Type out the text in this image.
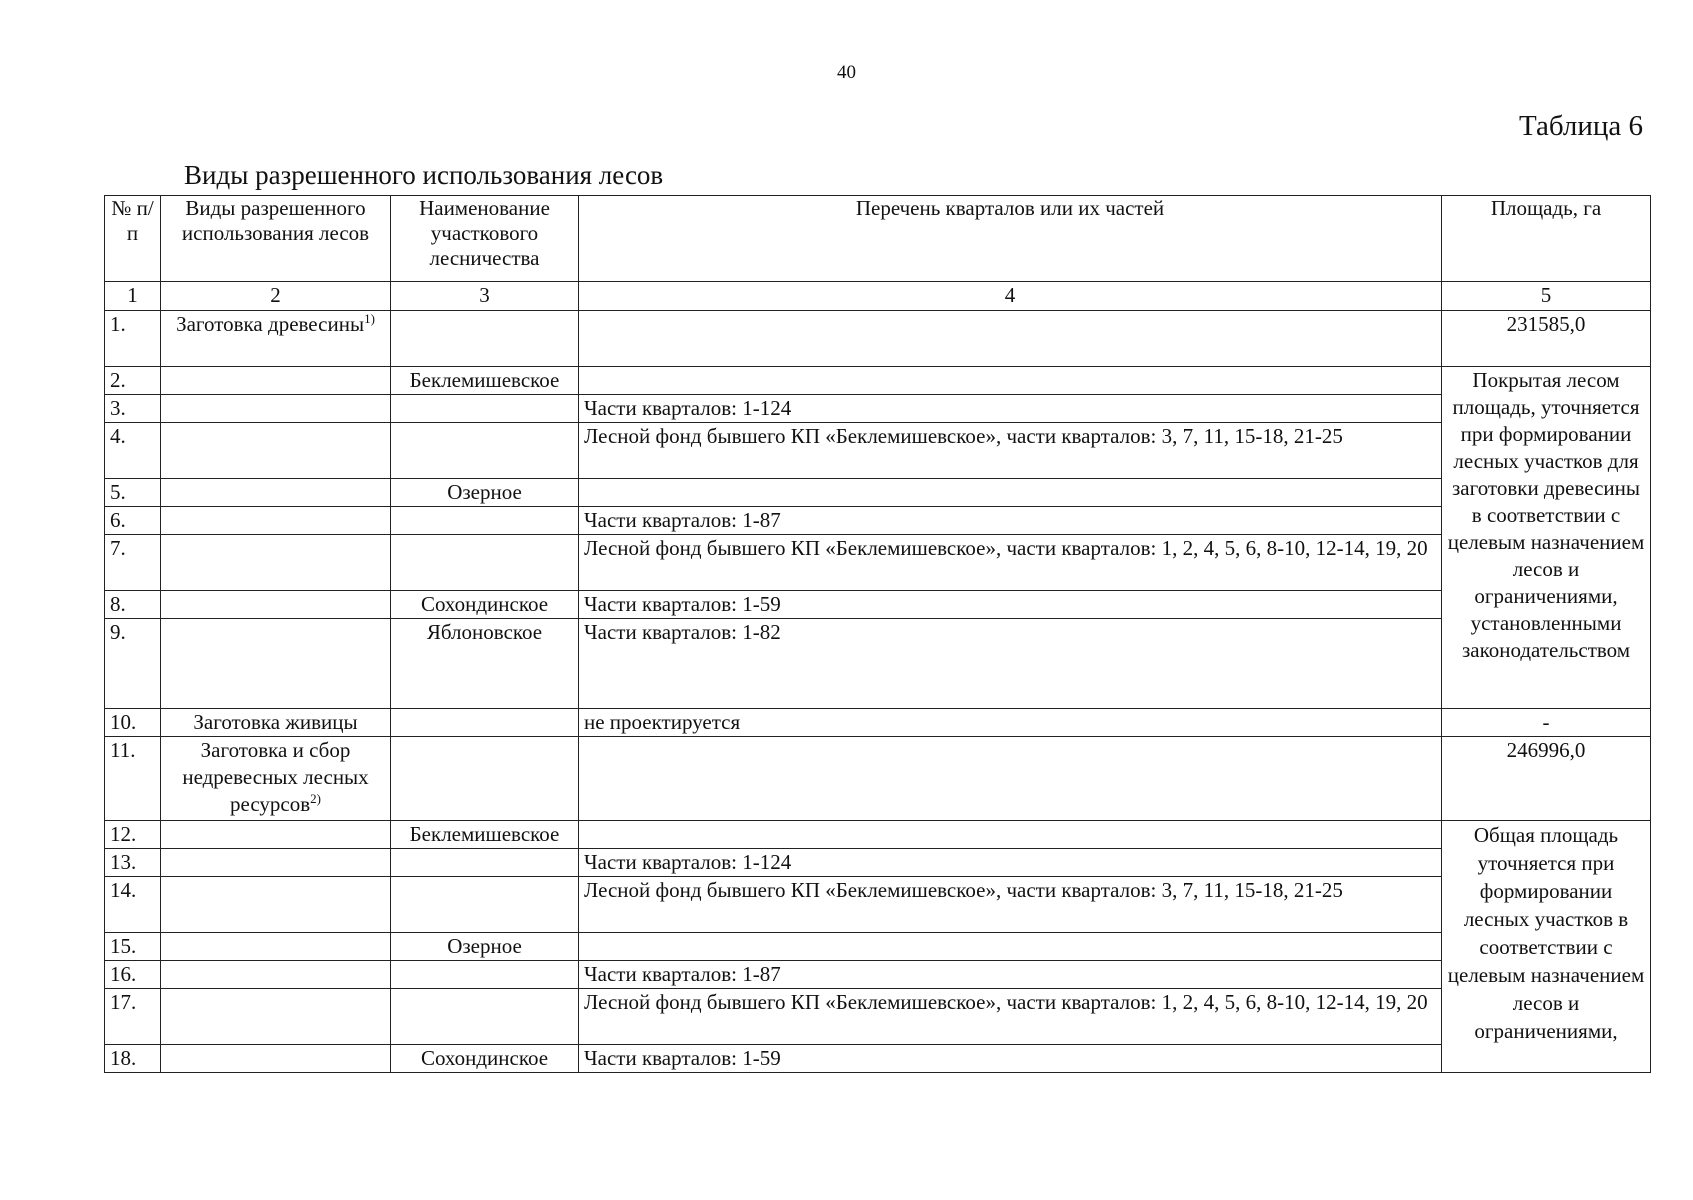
40
Таблица 6
Виды разрешенного использования лесов
№ п/п	Виды разрешенного использования лесов	Наименование участкового лесничества	Перечень кварталов или их частей	Площадь, га
1	2	3	4	5
1.	Заготовка древесины$^{1)}$			231585,0
2.		Беклемишевское		Покрытая лесом площадь, уточняется при формировании лесных участков для заготовки древесины в соответствии с целевым назначением лесов и ограничениями, установленными законодательством
3.			Части кварталов: 1-124	
4.			Лесной фонд бывшего КП «Беклемишевское», части кварталов: 3, 7, 11, 15-18, 21-25	
5.		Озерное		
6.			Части кварталов: 1-87	
7.			Лесной фонд бывшего КП «Беклемишевское», части кварталов: 1, 2, 4, 5, 6, 8-10, 12-14, 19, 20	
8.		Сохондинское	Части кварталов: 1-59	
9.		Яблоновское	Части кварталов: 1-82	
10.	Заготовка живицы		не проектируется	-
11.	Заготовка и сбор недревесных лесных ресурсов$^{2)}$			246996,0
12.		Беклемишевское		Общая площадь уточняется при формировании лесных участков в соответствии с целевым назначением лесов и ограничениями,
13.			Части кварталов: 1-124	
14.			Лесной фонд бывшего КП «Беклемишевское», части кварталов: 3, 7, 11, 15-18, 21-25	
15.		Озерное		
16.			Части кварталов: 1-87	
17.			Лесной фонд бывшего КП «Беклемишевское», части кварталов: 1, 2, 4, 5, 6, 8-10, 12-14, 19, 20	
18.		Сохондинское	Части кварталов: 1-59	
